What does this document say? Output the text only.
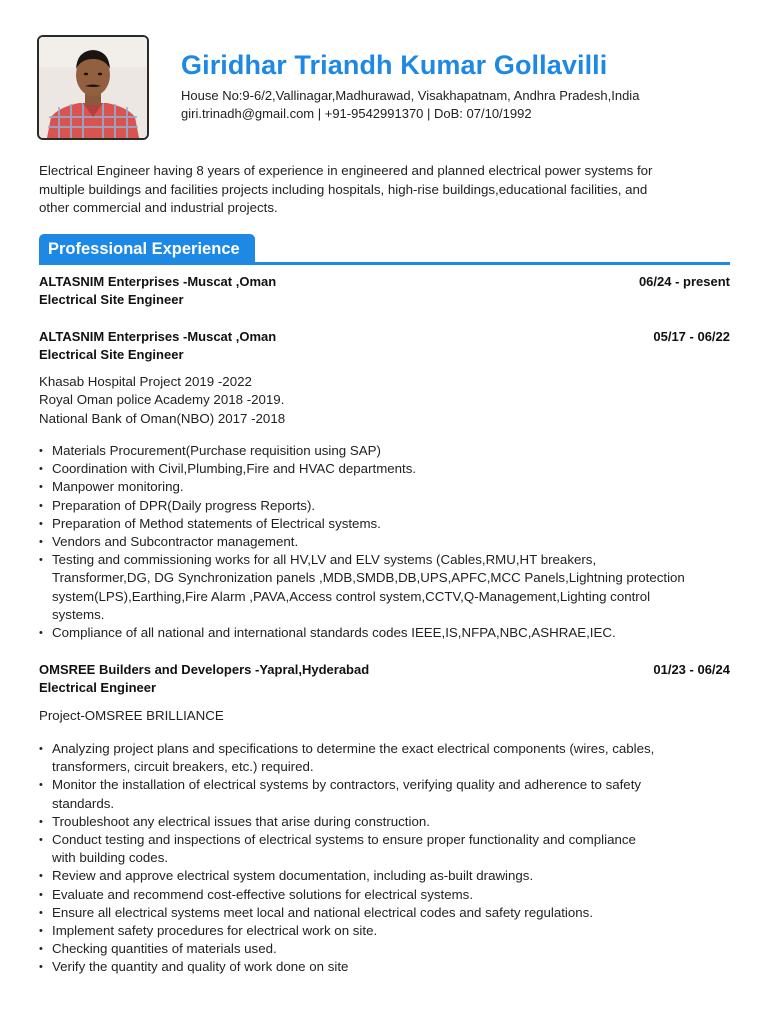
Giridhar Triandh Kumar Gollavilli
House No:9-6/2,Vallinagar,Madhurawad, Visakhapatnam, Andhra Pradesh,India
giri.trinadh@gmail.com | +91-9542991370 | DoB: 07/10/1992
Electrical Engineer having 8 years of experience in engineered and planned electrical power systems for
multiple buildings and facilities projects including hospitals, high-rise buildings,educational facilities, and
other commercial and industrial projects.
Professional Experience
ALTASNIM Enterprises -Muscat ,Oman	06/24 - present
Electrical Site Engineer
ALTASNIM Enterprises -Muscat ,Oman	05/17 - 06/22
Electrical Site Engineer
Khasab Hospital Project 2019 -2022
Royal Oman police Academy 2018 -2019.
National Bank of Oman(NBO) 2017 -2018
• Materials Procurement(Purchase requisition using SAP)
• Coordination with Civil,Plumbing,Fire and HVAC departments.
• Manpower monitoring.
• Preparation of DPR(Daily progress Reports).
• Preparation of Method statements of Electrical systems.
• Vendors and Subcontractor management.
• Testing and commissioning works for all HV,LV and ELV systems (Cables,RMU,HT breakers,
Transformer,DG, DG Synchronization panels ,MDB,SMDB,DB,UPS,APFC,MCC Panels,Lightning protection
system(LPS),Earthing,Fire Alarm ,PAVA,Access control system,CCTV,Q-Management,Lighting control
systems.
• Compliance of all national and international standards codes IEEE,IS,NFPA,NBC,ASHRAE,IEC.
OMSREE Builders and Developers -Yapral,Hyderabad	01/23 - 06/24
Electrical Engineer
Project-OMSREE BRILLIANCE
• Analyzing project plans and specifications to determine the exact electrical components (wires, cables,
transformers, circuit breakers, etc.) required.
• Monitor the installation of electrical systems by contractors, verifying quality and adherence to safety
standards.
• Troubleshoot any electrical issues that arise during construction.
• Conduct testing and inspections of electrical systems to ensure proper functionality and compliance
with building codes.
• Review and approve electrical system documentation, including as-built drawings.
• Evaluate and recommend cost-effective solutions for electrical systems.
• Ensure all electrical systems meet local and national electrical codes and safety regulations.
• Implement safety procedures for electrical work on site.
• Checking quantities of materials used.
• Verify the quantity and quality of work done on site
